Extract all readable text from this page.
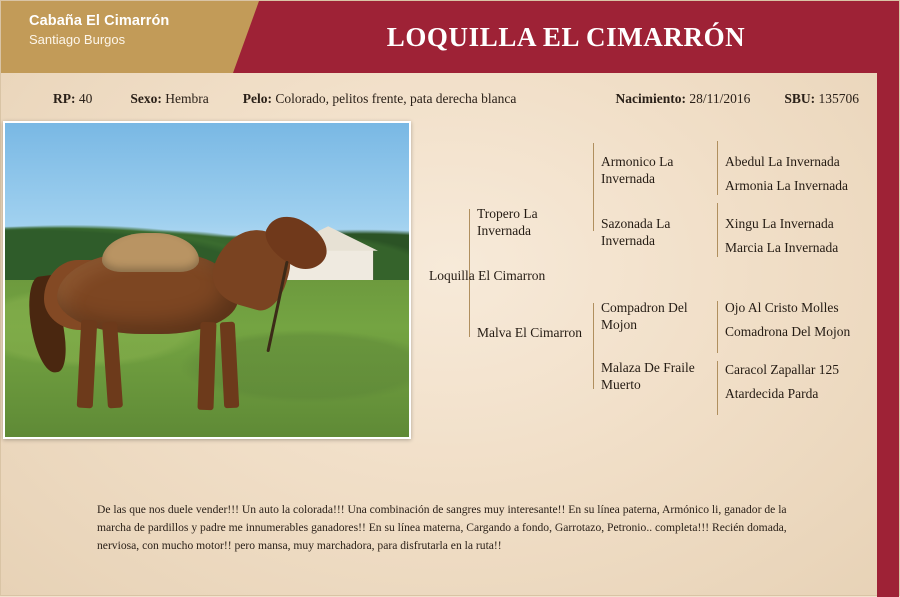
Cabaña El Cimarrón
Santiago Burgos	LOQUILLA EL CIMARRÓN
RP: 40	Sexo: Hembra	Pelo: Colorado, pelitos frente, pata derecha blanca	Nacimiento: 28/11/2016	SBU: 135706
Loquilla El Cimarron
Tropero La Invernada
Malva El Cimarron
Armonico La Invernada
Sazonada La Invernada
Compadron Del Mojon
Malaza De Fraile Muerto
Abedul La Invernada
Armonia La Invernada
Xingu La Invernada
Marcia La Invernada
Ojo Al Cristo Molles
Comadrona Del Mojon
Caracol Zapallar 125
Atardecida Parda
De las que nos duele vender!!! Un auto la colorada!!! Una combinación de sangres muy interesante!! En su línea paterna, Armónico li, ganador de la marcha de pardillos y padre me innumerables ganadores!! En su línea materna, Cargando a fondo, Garrotazo, Petronio.. completa!!! Recién domada, nerviosa, con mucho motor!! pero mansa, muy marchadora, para disfrutarla en la ruta!!
